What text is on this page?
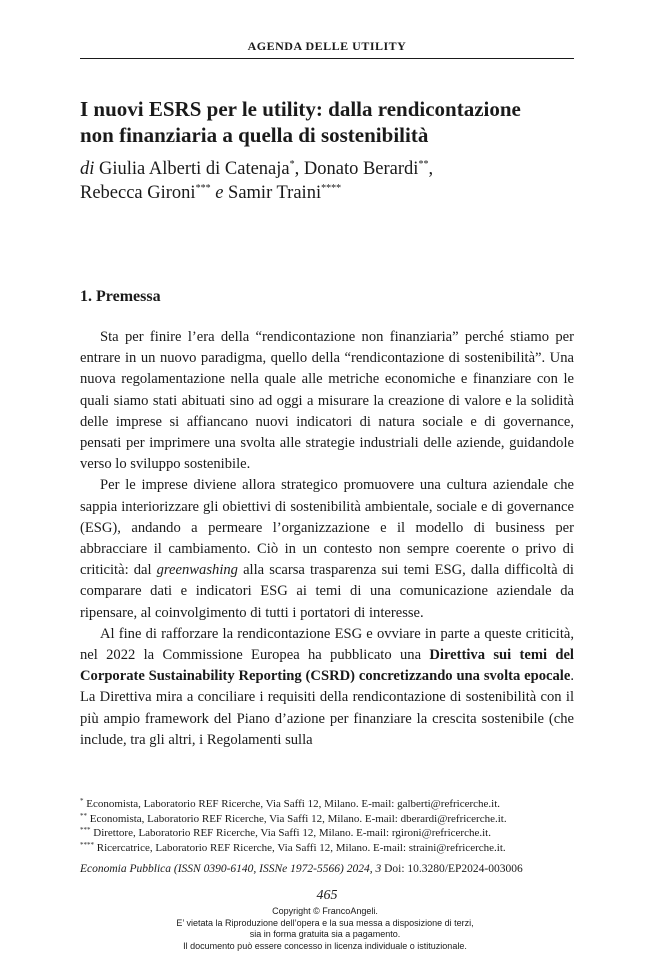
AGENDA DELLE UTILITY
I nuovi ESRS per le utility: dalla rendicontazione
non finanziaria a quella di sostenibilità
di Giulia Alberti di Catenaja*, Donato Berardi**,
Rebecca Gironi*** e Samir Traini****
1. Premessa

Sta per finire l’era della “rendicontazione non finanziaria” perché stiamo per entrare in un nuovo paradigma, quello della “rendicontazione di sostenibilità”. Una nuova regolamentazione nella quale alle metriche economiche e finanziare con le quali siamo stati abituati sino ad oggi a misurare la creazione di valore e la solidità delle imprese si affiancano nuovi indicatori di natura sociale e di governance, pensati per imprimere una svolta alle strategie industriali delle aziende, guidandole verso lo sviluppo sostenibile.

Per le imprese diviene allora strategico promuovere una cultura aziendale che sappia interiorizzare gli obiettivi di sostenibilità ambientale, sociale e di governance (ESG), andando a permeare l’organizzazione e il modello di business per abbracciare il cambiamento. Ciò in un contesto non sempre coerente o privo di criticità: dal greenwashing alla scarsa trasparenza sui temi ESG, dalla difficoltà di comparare dati e indicatori ESG ai temi di una comunicazione aziendale da ripensare, al coinvolgimento di tutti i portatori di interesse.

Al fine di rafforzare la rendicontazione ESG e ovviare in parte a queste criticità, nel 2022 la Commissione Europea ha pubblicato una Direttiva sui temi del Corporate Sustainability Reporting (CSRD) concretizzando una svolta epocale. La Direttiva mira a conciliare i requisiti della rendicontazione di sostenibilità con il più ampio framework del Piano d’azione per finanziare la crescita sostenibile (che include, tra gli altri, i Regolamenti sulla

* Economista, Laboratorio REF Ricerche, Via Saffi 12, Milano. E-mail: galberti@refricerche.it.
** Economista, Laboratorio REF Ricerche, Via Saffi 12, Milano. E-mail: dberardi@refricerche.it.
*** Direttore, Laboratorio REF Ricerche, Via Saffi 12, Milano. E-mail: rgironi@refricerche.it.
**** Ricercatrice, Laboratorio REF Ricerche, Via Saffi 12, Milano. E-mail: straini@refricerche.it.
Economia Pubblica (ISSN 0390-6140, ISSNe 1972-5566) 2024, 3 Doi: 10.3280/EP2024-003006
465
Copyright © FrancoAngeli.
E’ vietata la Riproduzione dell’opera e la sua messa a disposizione di terzi,
sia in forma gratuita sia a pagamento.
Il documento può essere concesso in licenza individuale o istituzionale.
